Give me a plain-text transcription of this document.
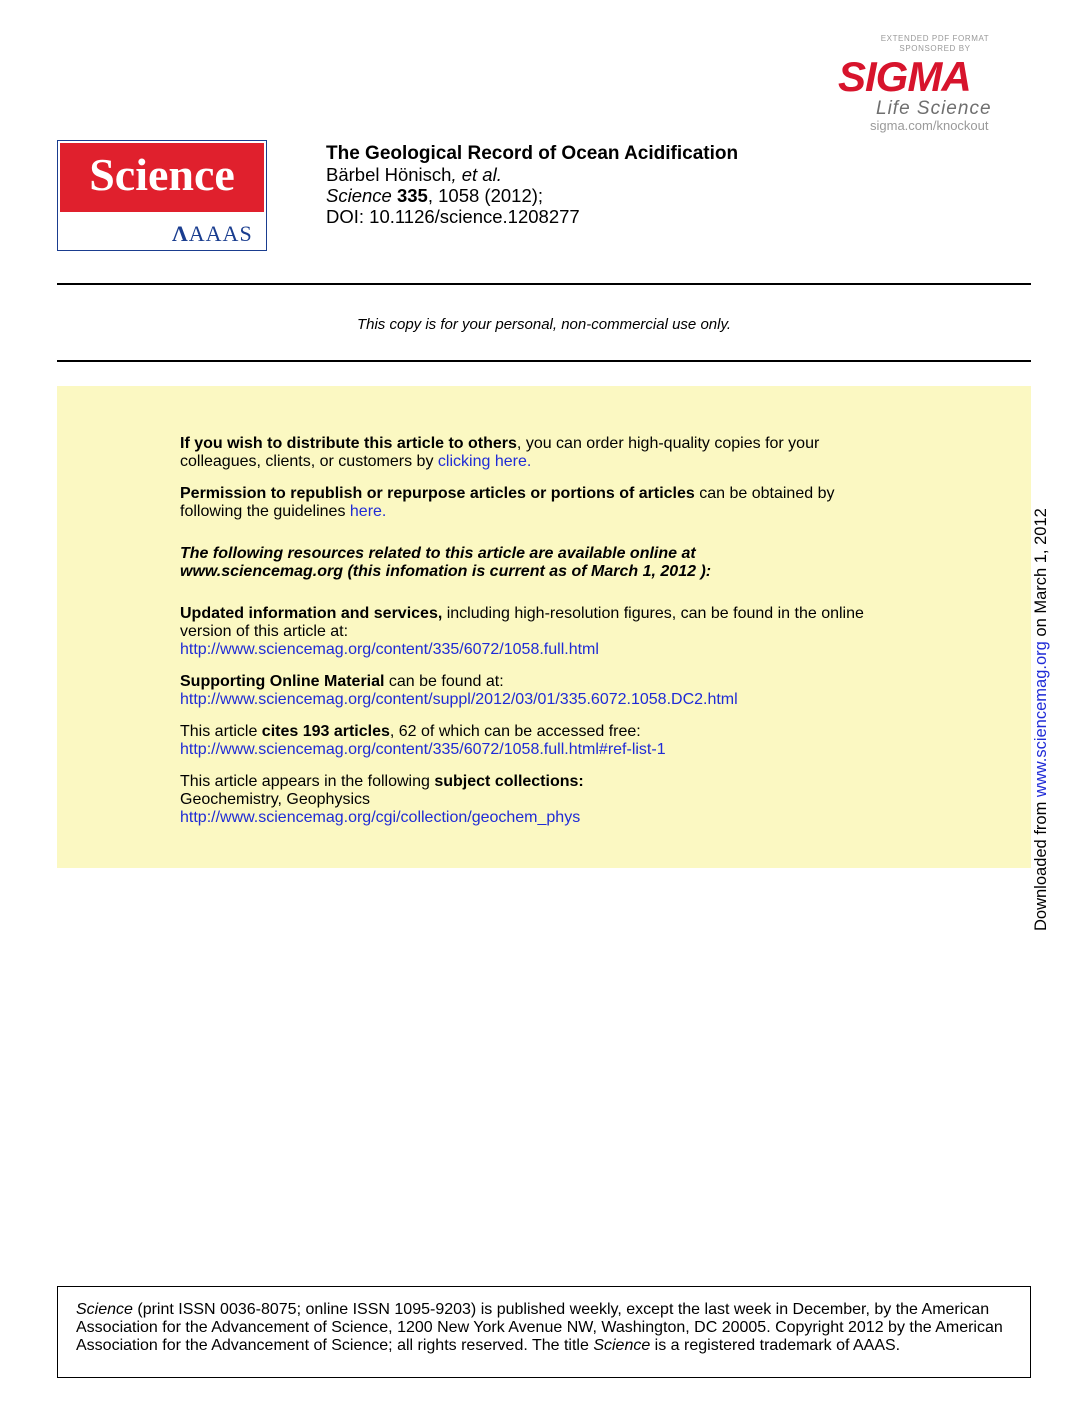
EXTENDED PDF FORMAT
SPONSORED BY
SIGMA
Life Science
sigma.com/knockout
Science
ΛAAAS
The Geological Record of Ocean Acidification
Bärbel Hönisch, et al.
Science 335, 1058 (2012);
DOI: 10.1126/science.1208277
This copy is for your personal, non-commercial use only.
If you wish to distribute this article to others, you can order high-quality copies for your
colleagues, clients, or customers by clicking here.
Permission to republish or repurpose articles or portions of articles can be obtained by
following the guidelines here.
The following resources related to this article are available online at
www.sciencemag.org (this infomation is current as of March 1, 2012 ):
Updated information and services, including high-resolution figures, can be found in the online
version of this article at:
http://www.sciencemag.org/content/335/6072/1058.full.html
Supporting Online Material can be found at:
http://www.sciencemag.org/content/suppl/2012/03/01/335.6072.1058.DC2.html
This article cites 193 articles, 62 of which can be accessed free:
http://www.sciencemag.org/content/335/6072/1058.full.html#ref-list-1
This article appears in the following subject collections:
Geochemistry, Geophysics
http://www.sciencemag.org/cgi/collection/geochem_phys	Downloaded from www.sciencemag.org on March 1, 2012
Science (print ISSN 0036-8075; online ISSN 1095-9203) is published weekly, except the last week in December, by the American Association for the Advancement of Science, 1200 New York Avenue NW, Washington, DC 20005. Copyright 2012 by the American Association for the Advancement of Science; all rights reserved. The title Science is a registered trademark of AAAS.
